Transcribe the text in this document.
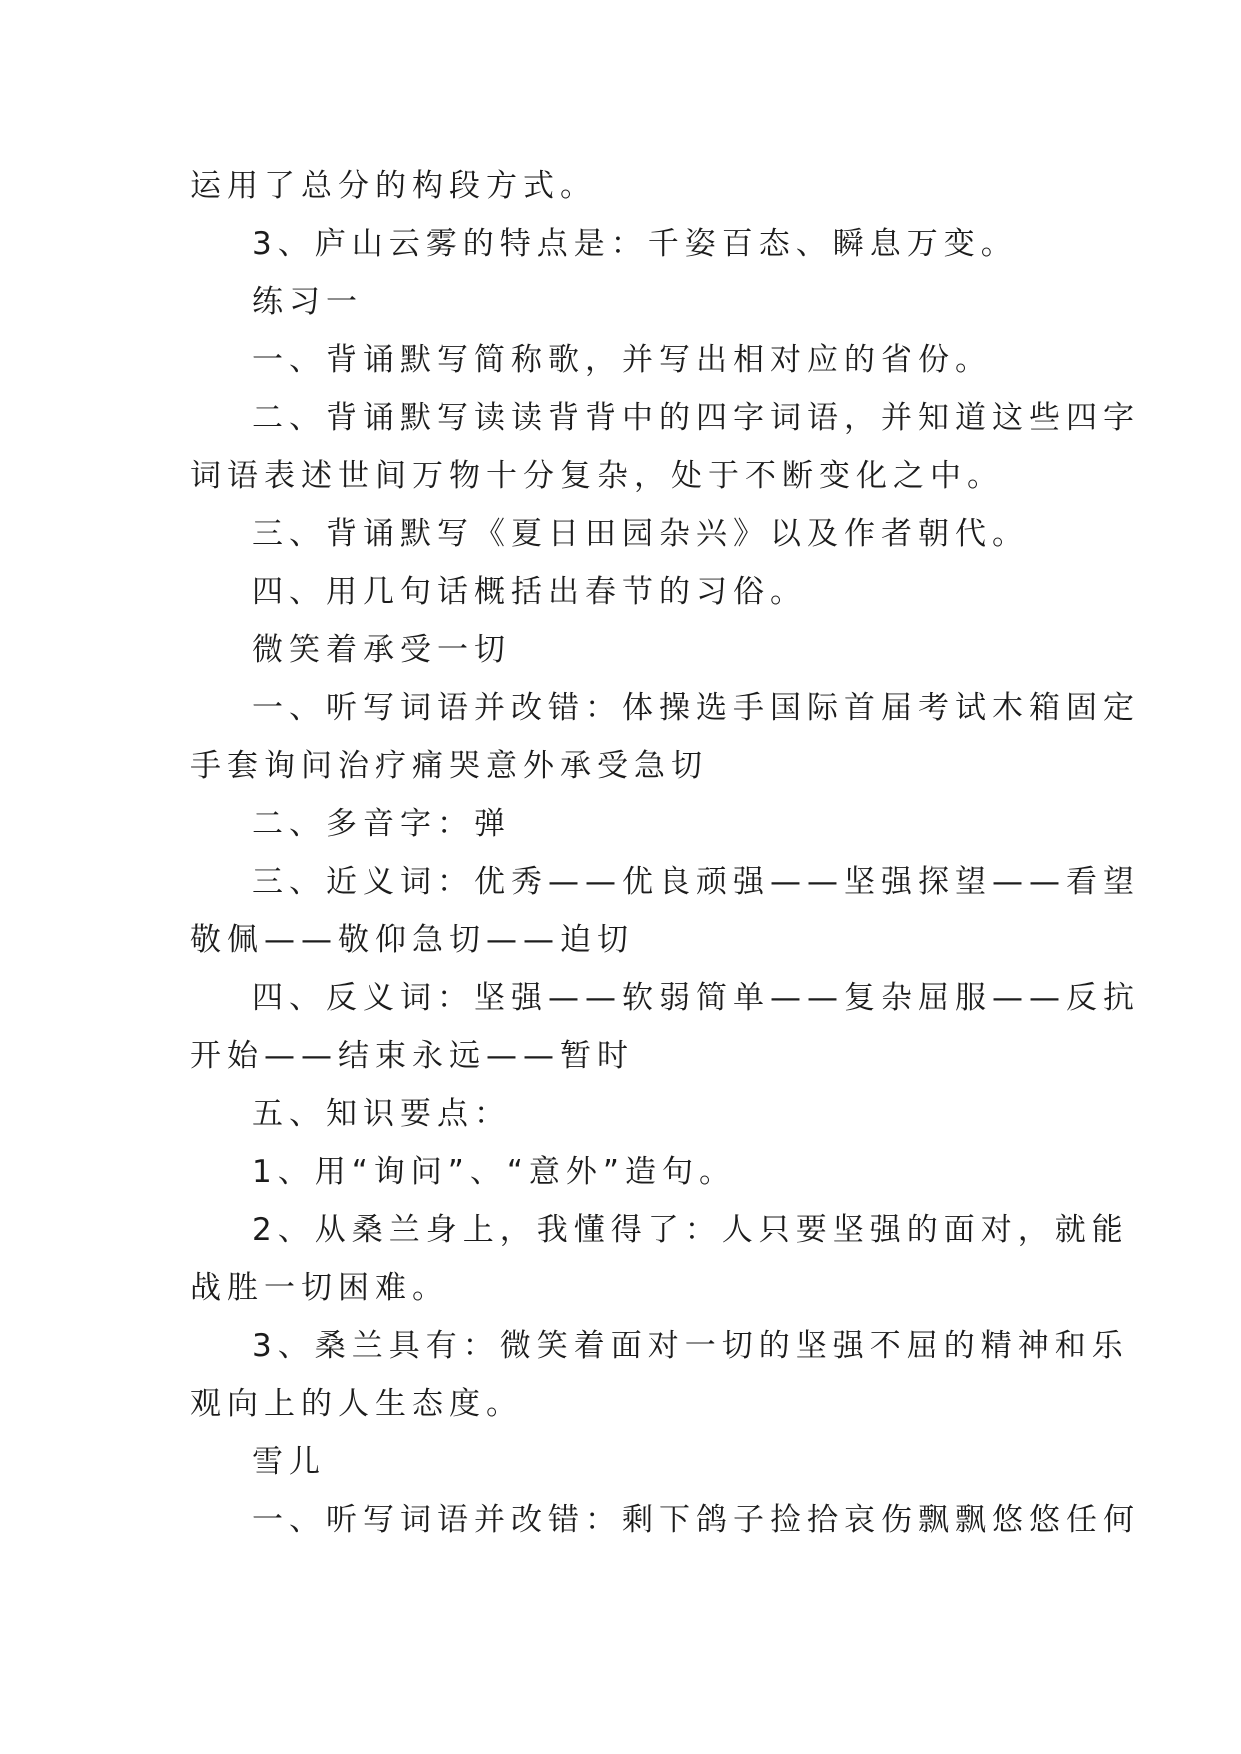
运用了总分的构段方式。
3、庐山云雾的特点是：千姿百态、瞬息万变。
练习一
一、背诵默写简称歌，并写出相对应的省份。
二、背诵默写读读背背中的四字词语，并知道这些四字
词语表述世间万物十分复杂，处于不断变化之中。
三、背诵默写《夏日田园杂兴》以及作者朝代。
四、用几句话概括出春节的习俗。
微笑着承受一切
一、听写词语并改错：体操选手国际首届考试木箱固定
手套询问治疗痛哭意外承受急切
二、多音字：弹
三、近义词：优秀——优良顽强——坚强探望——看望
敬佩——敬仰急切——迫切
四、反义词：坚强——软弱简单——复杂屈服——反抗
开始——结束永远——暂时
五、知识要点：
1、用“询问”、“意外”造句。
2、从桑兰身上，我懂得了：人只要坚强的面对，就能
战胜一切困难。
3、桑兰具有：微笑着面对一切的坚强不屈的精神和乐
观向上的人生态度。
雪儿
一、听写词语并改错：剩下鸽子捡拾哀伤飘飘悠悠任何
